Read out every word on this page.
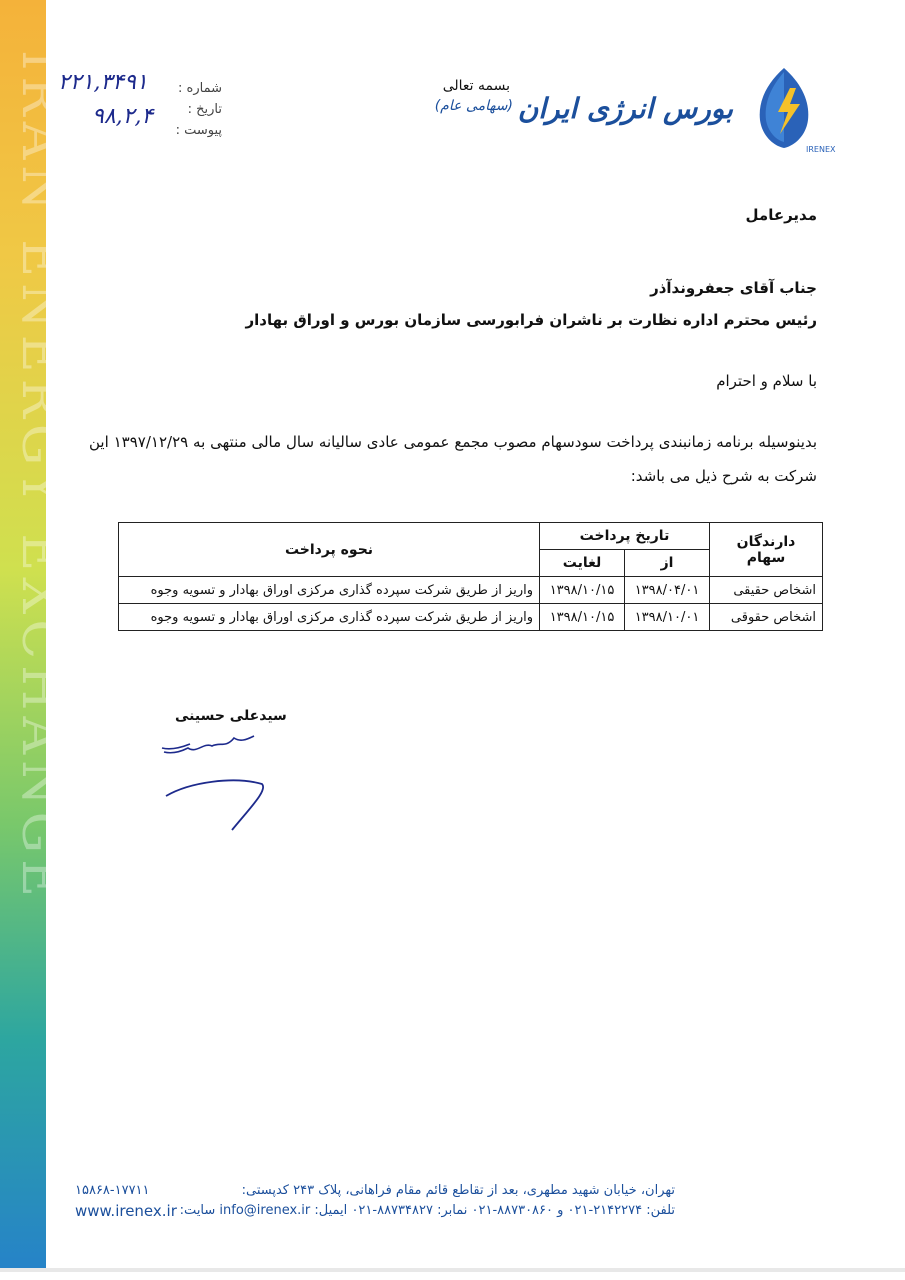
IRAN ENERGY EXCHANGE	IRENEX
بورس انرژی ایران
(سهامی عام)
بسمه تعالی
شماره :
تاریخ :
پیوست :
۲۲۱,۳۴۹۱
۹۸,۲,۴
مدیرعامل
جناب آقای جعفروندآذر
رئیس محترم اداره نظارت بر ناشران فرابورسی سازمان بورس و اوراق بهادار
با سلام و احترام
بدینوسیله برنامه زمانبندی پرداخت سودسهام مصوب مجمع عمومی عادی سالیانه سال مالی منتهی به ۱۳۹۷/۱۲/۲۹ این شرکت به شرح ذیل می باشد:
دارندگان سهام	تاریخ پرداخت		نحوه پرداخت
	از	لغایت	
اشخاص حقیقی	۱۳۹۸/۰۴/۰۱	۱۳۹۸/۱۰/۱۵	واریز از طریق شرکت سپرده گذاری مرکزی اوراق بهادار و تسویه وجوه
اشخاص حقوقی	۱۳۹۸/۱۰/۰۱	۱۳۹۸/۱۰/۱۵	واریز از طریق شرکت سپرده گذاری مرکزی اوراق بهادار و تسویه وجوه
سیدعلی حسینی
تهران، خیابان شهید مطهری، بعد از تقاطع قائم مقام فراهانی، پلاک ۲۴۳ کدپستی:
۱۵۸۶۸-۱۷۷۱۱
تلفن: ۲۱۴۲۲۷۴-۰۲۱ و ۸۸۷۳۰۸۶۰-۰۲۱ نمابر: ۸۸۷۳۴۸۲۷-۰۲۱ ایمیل: info@irenex.ir سایت:
www.irenex.ir
